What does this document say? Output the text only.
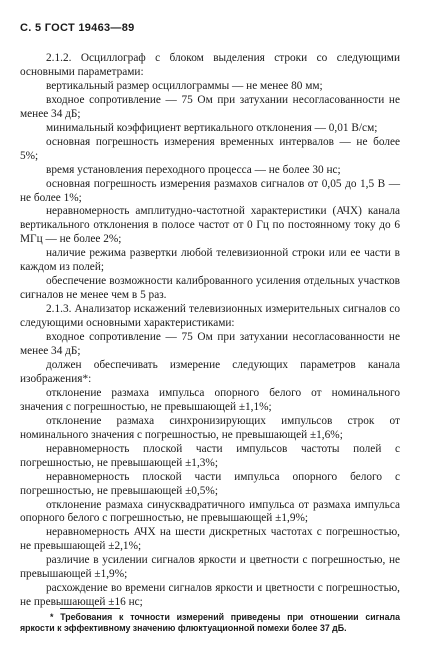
С. 5 ГОСТ 19463—89

2.1.2. Осциллограф с блоком выделения строки со следующими основными параметрами:

вертикальный размер осциллограммы — не менее 80 мм;

входное сопротивление — 75 Ом при затухании несогласованности не менее 34 дБ;

минимальный коэффициент вертикального отклонения — 0,01 В/см;

основная погрешность измерения временных интервалов — не более 5%;

время установления переходного процесса — не более 30 нс;

основная погрешность измерения размахов сигналов от 0,05 до 1,5 В — не более 1%;

неравномерность амплитудно-частотной характеристики (АЧХ) канала вертикального отклонения в полосе частот от 0 Гц по постоянному току до 6 МГц — не более 2%;

наличие режима развертки любой телевизионной строки или ее части в каждом из полей;

обеспечение возможности калиброванного усиления отдельных участков сигналов не менее чем в 5 раз.

2.1.3. Анализатор искажений телевизионных измерительных сигналов со следующими основными характеристиками:

входное сопротивление — 75 Ом при затухании несогласованности не менее 34 дБ;

должен обеспечивать измерение следующих параметров канала изображения*:

отклонение размаха импульса опорного белого от номинального значения с погрешностью, не превышающей ±1,1%;

отклонение размаха синхронизирующих импульсов строк от номинального значения с погрешностью, не превышающей ±1,6%;

неравномерность плоской части импульсов частоты полей с погрешностью, не превышающей ±1,3%;

неравномерность плоской части импульса опорного белого с погрешностью, не превышающей ±0,5%;

отклонение размаха синусквадратичного импульса от размаха импульса опорного белого с погрешностью, не превышающей ±1,9%;

неравномерность АЧХ на шести дискретных частотах с погрешностью, не превышающей ±2,1%;

различие в усилении сигналов яркости и цветности с погрешностью, не превышающей ±1,9%;

расхождение во времени сигналов яркости и цветности с погрешностью, не превышающей ±16 нс;

* Требования к точности измерений приведены при отношении сигнала яркости к эффективному значению флюктуационной помехи более 37 дБ.
